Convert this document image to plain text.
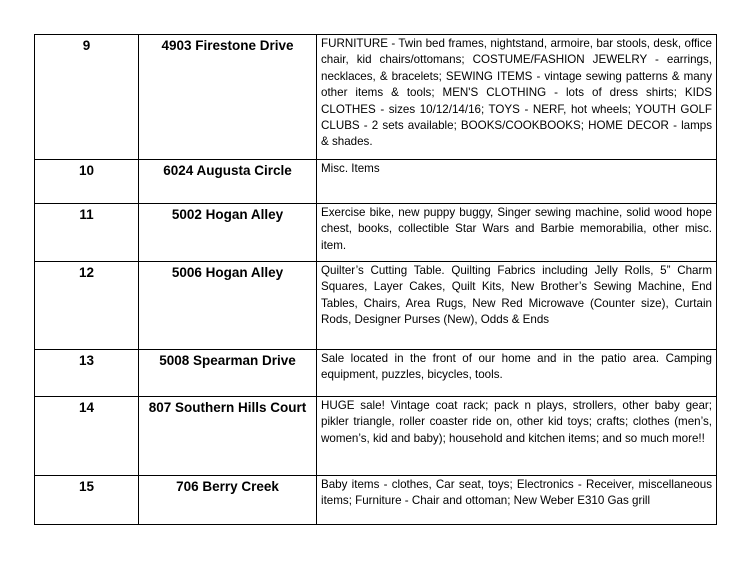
9	4903 Firestone Drive	FURNITURE - Twin bed frames, nightstand, armoire, bar stools, desk, office chair, kid chairs/ottomans; COSTUME/FASHION JEWELRY - earrings, necklaces, & bracelets; SEWING ITEMS - vintage sewing patterns & many other items & tools; MEN'S CLOTHING - lots of dress shirts; KIDS CLOTHES - sizes 10/12/14/16; TOYS - NERF, hot wheels; YOUTH GOLF CLUBS - 2 sets available; BOOKS/COOKBOOKS; HOME DECOR - lamps & shades.
10	6024 Augusta Circle	Misc. Items
11	5002 Hogan Alley	Exercise bike, new puppy buggy, Singer sewing machine, solid wood hope chest, books, collectible Star Wars and Barbie memorabilia, other misc. item.
12	5006 Hogan Alley	Quilter’s Cutting Table. Quilting Fabrics including Jelly Rolls, 5” Charm Squares, Layer Cakes, Quilt Kits, New Brother’s Sewing Machine, End Tables, Chairs, Area Rugs, New Red Microwave (Counter size), Curtain Rods, Designer Purses (New), Odds & Ends
13	5008 Spearman Drive	Sale located in the front of our home and in the patio area. Camping equipment, puzzles, bicycles, tools.
14	807 Southern Hills Court	HUGE sale! Vintage coat rack; pack n plays, strollers, other baby gear; pikler triangle, roller coaster ride on, other kid toys; crafts; clothes (men’s, women’s, kid and baby); household and kitchen items; and so much more!!
15	706 Berry Creek	Baby items - clothes, Car seat, toys; Electronics - Receiver, miscellaneous items; Furniture - Chair and ottoman; New Weber E310 Gas grill
